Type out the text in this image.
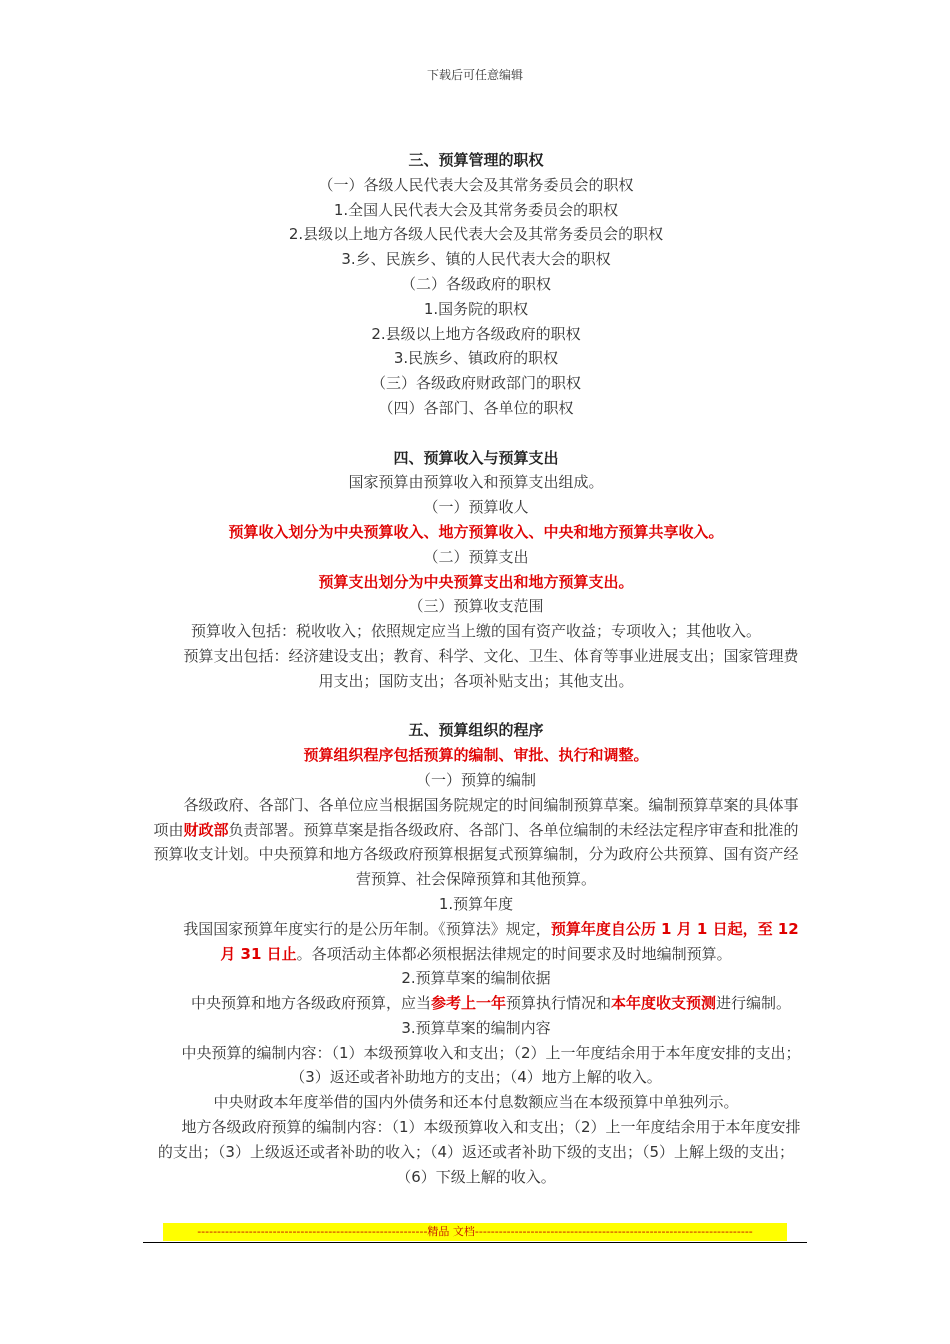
下载后可任意编辑

三、预算管理的职权

（一）各级人民代表大会及其常务委员会的职权

1.全国人民代表大会及其常务委员会的职权

2.县级以上地方各级人民代表大会及其常务委员会的职权

3.乡、民族乡、镇的人民代表大会的职权

（二）各级政府的职权

1.国务院的职权

2.县级以上地方各级政府的职权

3.民族乡、镇政府的职权

（三）各级政府财政部门的职权

（四）各部门、各单位的职权

四、预算收入与预算支出

国家预算由预算收入和预算支出组成。

（一）预算收人

预算收入划分为中央预算收入、地方预算收入、中央和地方预算共享收入。

（二）预算支出

预算支出划分为中央预算支出和地方预算支出。

（三）预算收支范围

预算收入包括：税收收入；依照规定应当上缴的国有资产收益；专项收入；其他收入。

预算支出包括：经济建设支出；教育、科学、文化、卫生、体育等事业进展支出；国家管理费用支出；国防支出；各项补贴支出；其他支出。

五、预算组织的程序

预算组织程序包括预算的编制、审批、执行和调整。

（一）预算的编制

各级政府、各部门、各单位应当根据国务院规定的时间编制预算草案。编制预算草案的具体事项由财政部负责部署。预算草案是指各级政府、各部门、各单位编制的未经法定程序审查和批准的预算收支计划。中央预算和地方各级政府预算根据复式预算编制，分为政府公共预算、国有资产经营预算、社会保障预算和其他预算。

1.预算年度

我国国家预算年度实行的是公历年制。《预算法》规定，预算年度自公历 1 月 1 日起，至 12 月 31 日止。各项活动主体都必须根据法律规定的时间要求及时地编制预算。

2.预算草案的编制依据

中央预算和地方各级政府预算，应当参考上一年预算执行情况和本年度收支预测进行编制。

3.预算草案的编制内容

中央预算的编制内容：（1）本级预算收入和支出；（2）上一年度结余用于本年度安排的支出；（3）返还或者补助地方的支出；（4）地方上解的收入。

中央财政本年度举借的国内外债务和还本付息数额应当在本级预算中单独列示。

地方各级政府预算的编制内容：（1）本级预算收入和支出；（2）上一年度结余用于本年度安排的支出；（3）上级返还或者补助的收入；（4）返还或者补助下级的支出；（5）上解上级的支出；（6）下级上解的收入。

----------------------------------------------------------精品 文档----------------------------------------------------------------------
